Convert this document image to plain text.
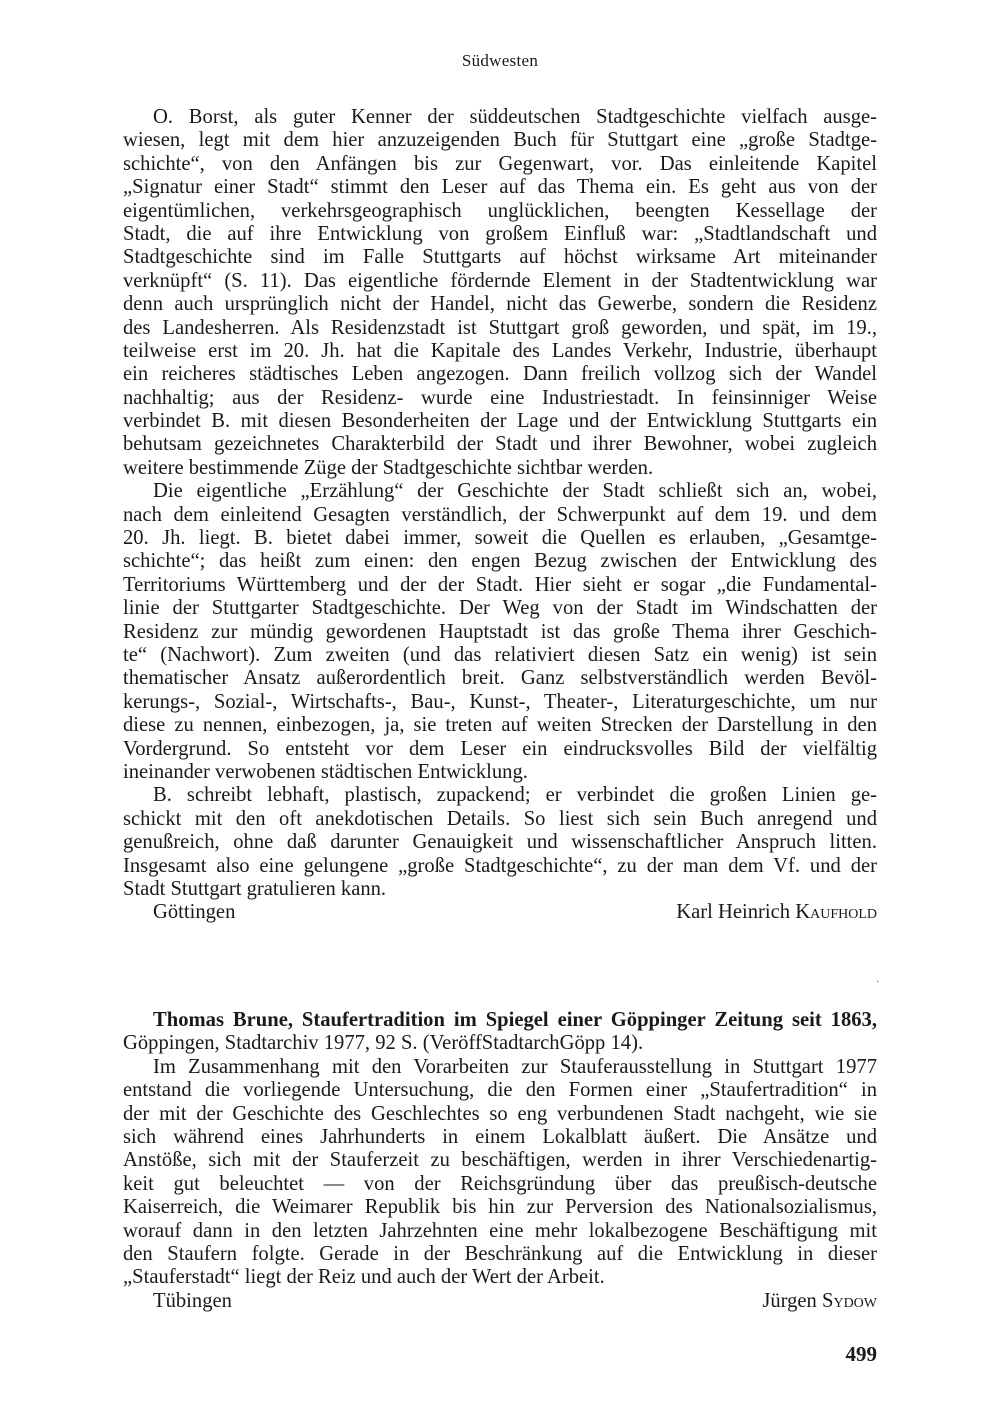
Südwesten
O. Borst, als guter Kenner der süddeutschen Stadtgeschichte vielfach ausge-
wiesen, legt mit dem hier anzuzeigenden Buch für Stuttgart eine „große Stadtge-
schichte“, von den Anfängen bis zur Gegenwart, vor. Das einleitende Kapitel
„Signatur einer Stadt“ stimmt den Leser auf das Thema ein. Es geht aus von der
eigentümlichen, verkehrsgeographisch unglücklichen, beengten Kessellage der
Stadt, die auf ihre Entwicklung von großem Einfluß war: „Stadtlandschaft und
Stadtgeschichte sind im Falle Stuttgarts auf höchst wirksame Art miteinander
verknüpft“ (S. 11). Das eigentliche fördernde Element in der Stadtentwicklung war
denn auch ursprünglich nicht der Handel, nicht das Gewerbe, sondern die Residenz
des Landesherren. Als Residenzstadt ist Stuttgart groß geworden, und spät, im 19.,
teilweise erst im 20. Jh. hat die Kapitale des Landes Verkehr, Industrie, überhaupt
ein reicheres städtisches Leben angezogen. Dann freilich vollzog sich der Wandel
nachhaltig; aus der Residenz- wurde eine Industriestadt. In feinsinniger Weise
verbindet B. mit diesen Besonderheiten der Lage und der Entwicklung Stuttgarts ein
behutsam gezeichnetes Charakterbild der Stadt und ihrer Bewohner, wobei zugleich
weitere bestimmende Züge der Stadtgeschichte sichtbar werden.
Die eigentliche „Erzählung“ der Geschichte der Stadt schließt sich an, wobei,
nach dem einleitend Gesagten verständlich, der Schwerpunkt auf dem 19. und dem
20. Jh. liegt. B. bietet dabei immer, soweit die Quellen es erlauben, „Gesamtge-
schichte“; das heißt zum einen: den engen Bezug zwischen der Entwicklung des
Territoriums Württemberg und der der Stadt. Hier sieht er sogar „die Fundamental-
linie der Stuttgarter Stadtgeschichte. Der Weg von der Stadt im Windschatten der
Residenz zur mündig gewordenen Hauptstadt ist das große Thema ihrer Geschich-
te“ (Nachwort). Zum zweiten (und das relativiert diesen Satz ein wenig) ist sein
thematischer Ansatz außerordentlich breit. Ganz selbstverständlich werden Bevöl-
kerungs-, Sozial-, Wirtschafts-, Bau-, Kunst-, Theater-, Literaturgeschichte, um nur
diese zu nennen, einbezogen, ja, sie treten auf weiten Strecken der Darstellung in den
Vordergrund. So entsteht vor dem Leser ein eindrucksvolles Bild der vielfältig
ineinander verwobenen städtischen Entwicklung.
B. schreibt lebhaft, plastisch, zupackend; er verbindet die großen Linien ge-
schickt mit den oft anekdotischen Details. So liest sich sein Buch anregend und
genußreich, ohne daß darunter Genauigkeit und wissenschaftlicher Anspruch litten.
Insgesamt also eine gelungene „große Stadtgeschichte“, zu der man dem Vf. und der
Stadt Stuttgart gratulieren kann.
Göttingen	Karl Heinrich Kaufhold
·
Thomas Brune, Staufertradition im Spiegel einer Göppinger Zeitung seit 1863,
Göppingen, Stadtarchiv 1977, 92 S. (VeröffStadtarchGöpp 14).
Im Zusammenhang mit den Vorarbeiten zur Stauferausstellung in Stuttgart 1977
entstand die vorliegende Untersuchung, die den Formen einer „Staufertradition“ in
der mit der Geschichte des Geschlechtes so eng verbundenen Stadt nachgeht, wie sie
sich während eines Jahrhunderts in einem Lokalblatt äußert. Die Ansätze und
Anstöße, sich mit der Stauferzeit zu beschäftigen, werden in ihrer Verschiedenartig-
keit gut beleuchtet — von der Reichsgründung über das preußisch-deutsche
Kaiserreich, die Weimarer Republik bis hin zur Perversion des Nationalsozialismus,
worauf dann in den letzten Jahrzehnten eine mehr lokalbezogene Beschäftigung mit
den Staufern folgte. Gerade in der Beschränkung auf die Entwicklung in dieser
„Stauferstadt“ liegt der Reiz und auch der Wert der Arbeit.
Tübingen	Jürgen Sydow
499
